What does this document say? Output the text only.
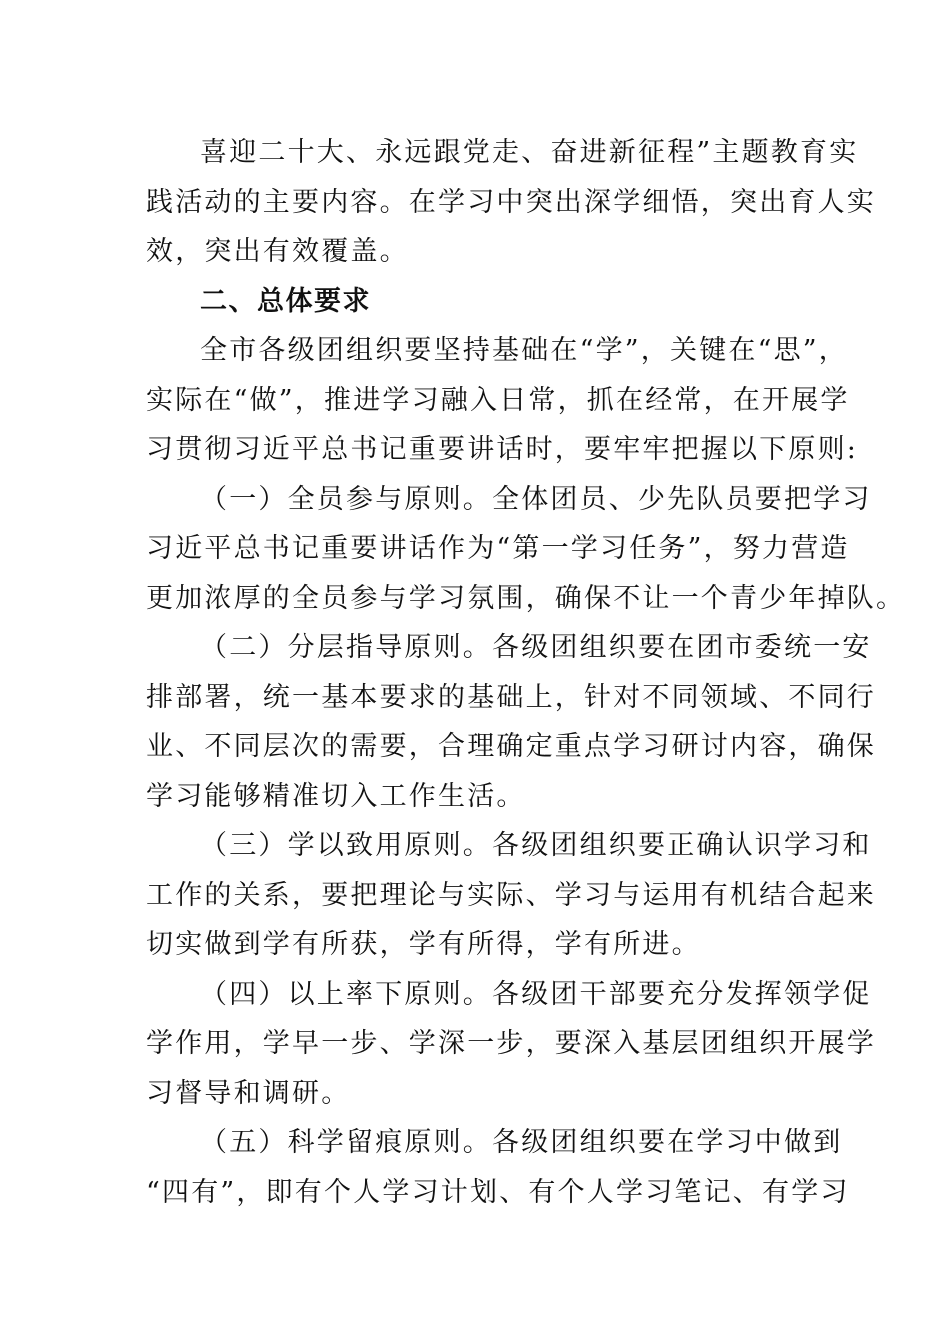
喜迎二十大、永远跟党走、奋进新征程”主题教育实
践活动的主要内容。在学习中突出深学细悟，突出育人实
效，突出有效覆盖。
二、总体要求
全市各级团组织要坚持基础在“学”，关键在“思”，
实际在“做”，推进学习融入日常，抓在经常，在开展学
习贯彻习近平总书记重要讲话时，要牢牢把握以下原则:
（一）全员参与原则。全体团员、少先队员要把学习
习近平总书记重要讲话作为“第一学习任务”，努力营造
更加浓厚的全员参与学习氛围，确保不让一个青少年掉队。
（二）分层指导原则。各级团组织要在团市委统一安
排部署，统一基本要求的基础上，针对不同领域、不同行
业、不同层次的需要，合理确定重点学习研讨内容，确保
学习能够精准切入工作生活。
（三）学以致用原则。各级团组织要正确认识学习和
工作的关系，要把理论与实际、学习与运用有机结合起来
切实做到学有所获，学有所得，学有所进。
（四）以上率下原则。各级团干部要充分发挥领学促
学作用，学早一步、学深一步，要深入基层团组织开展学
习督导和调研。
（五）科学留痕原则。各级团组织要在学习中做到
“四有”，即有个人学习计划、有个人学习笔记、有学习
